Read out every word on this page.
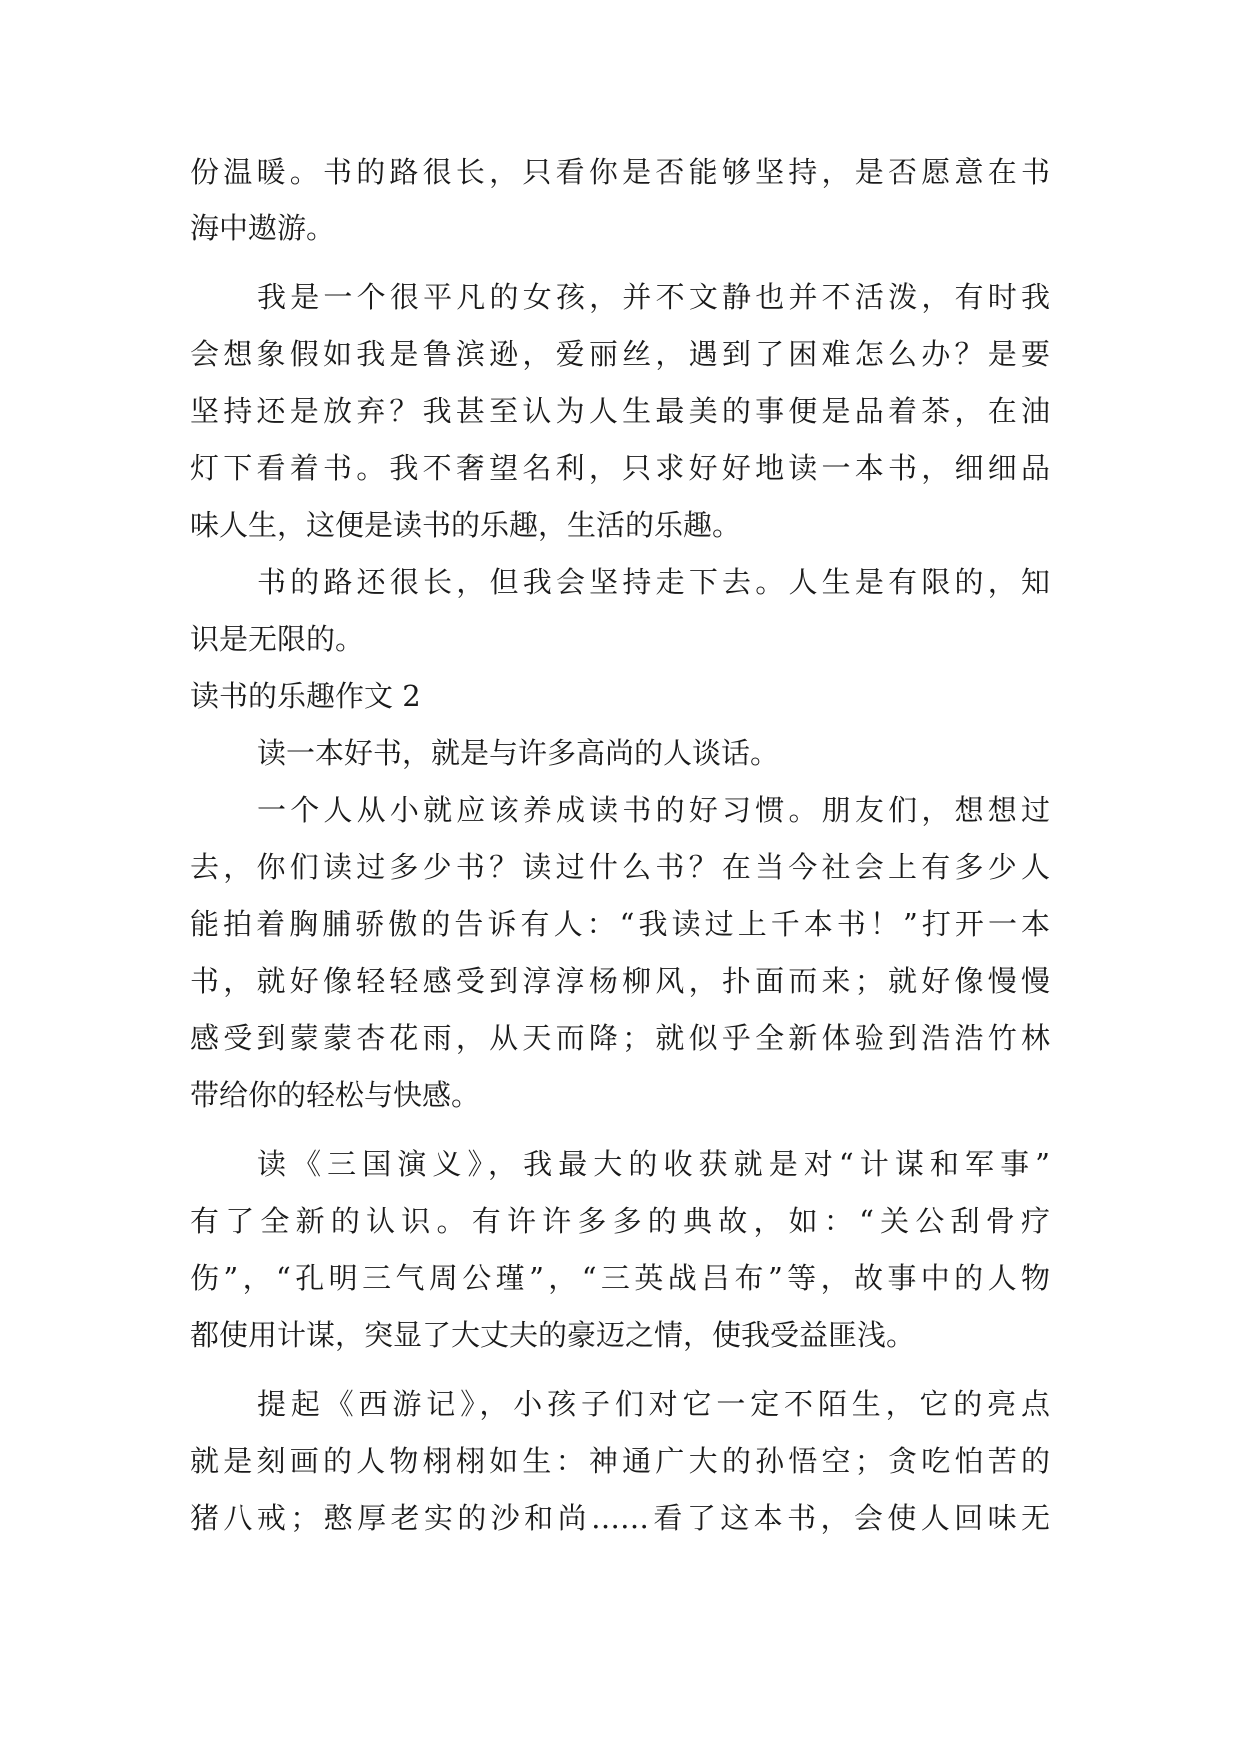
份温暖。书的路很长，只看你是否能够坚持，是否愿意在书
海中遨游。
我是一个很平凡的女孩，并不文静也并不活泼，有时我
会想象假如我是鲁滨逊，爱丽丝，遇到了困难怎么办？是要
坚持还是放弃？我甚至认为人生最美的事便是品着茶，在油
灯下看着书。我不奢望名利，只求好好地读一本书，细细品
味人生，这便是读书的乐趣，生活的乐趣。
书的路还很长，但我会坚持走下去。人生是有限的，知
识是无限的。
读书的乐趣作文 2
读一本好书，就是与许多高尚的人谈话。
一个人从小就应该养成读书的好习惯。朋友们，想想过
去，你们读过多少书？读过什么书？在当今社会上有多少人
能拍着胸脯骄傲的告诉有人：“我读过上千本书！”打开一本
书，就好像轻轻感受到淳淳杨柳风，扑面而来；就好像慢慢
感受到蒙蒙杏花雨，从天而降；就似乎全新体验到浩浩竹林
带给你的轻松与快感。
读《三国演义》，我最大的收获就是对“计谋和军事”
有了全新的认识。有许许多多的典故，如：“关公刮骨疗
伤”，“孔明三气周公瑾”，“三英战吕布”等，故事中的人物
都使用计谋，突显了大丈夫的豪迈之情，使我受益匪浅。
提起《西游记》，小孩子们对它一定不陌生，它的亮点
就是刻画的人物栩栩如生：神通广大的孙悟空；贪吃怕苦的
猪八戒；憨厚老实的沙和尚……看了这本书，会使人回味无
